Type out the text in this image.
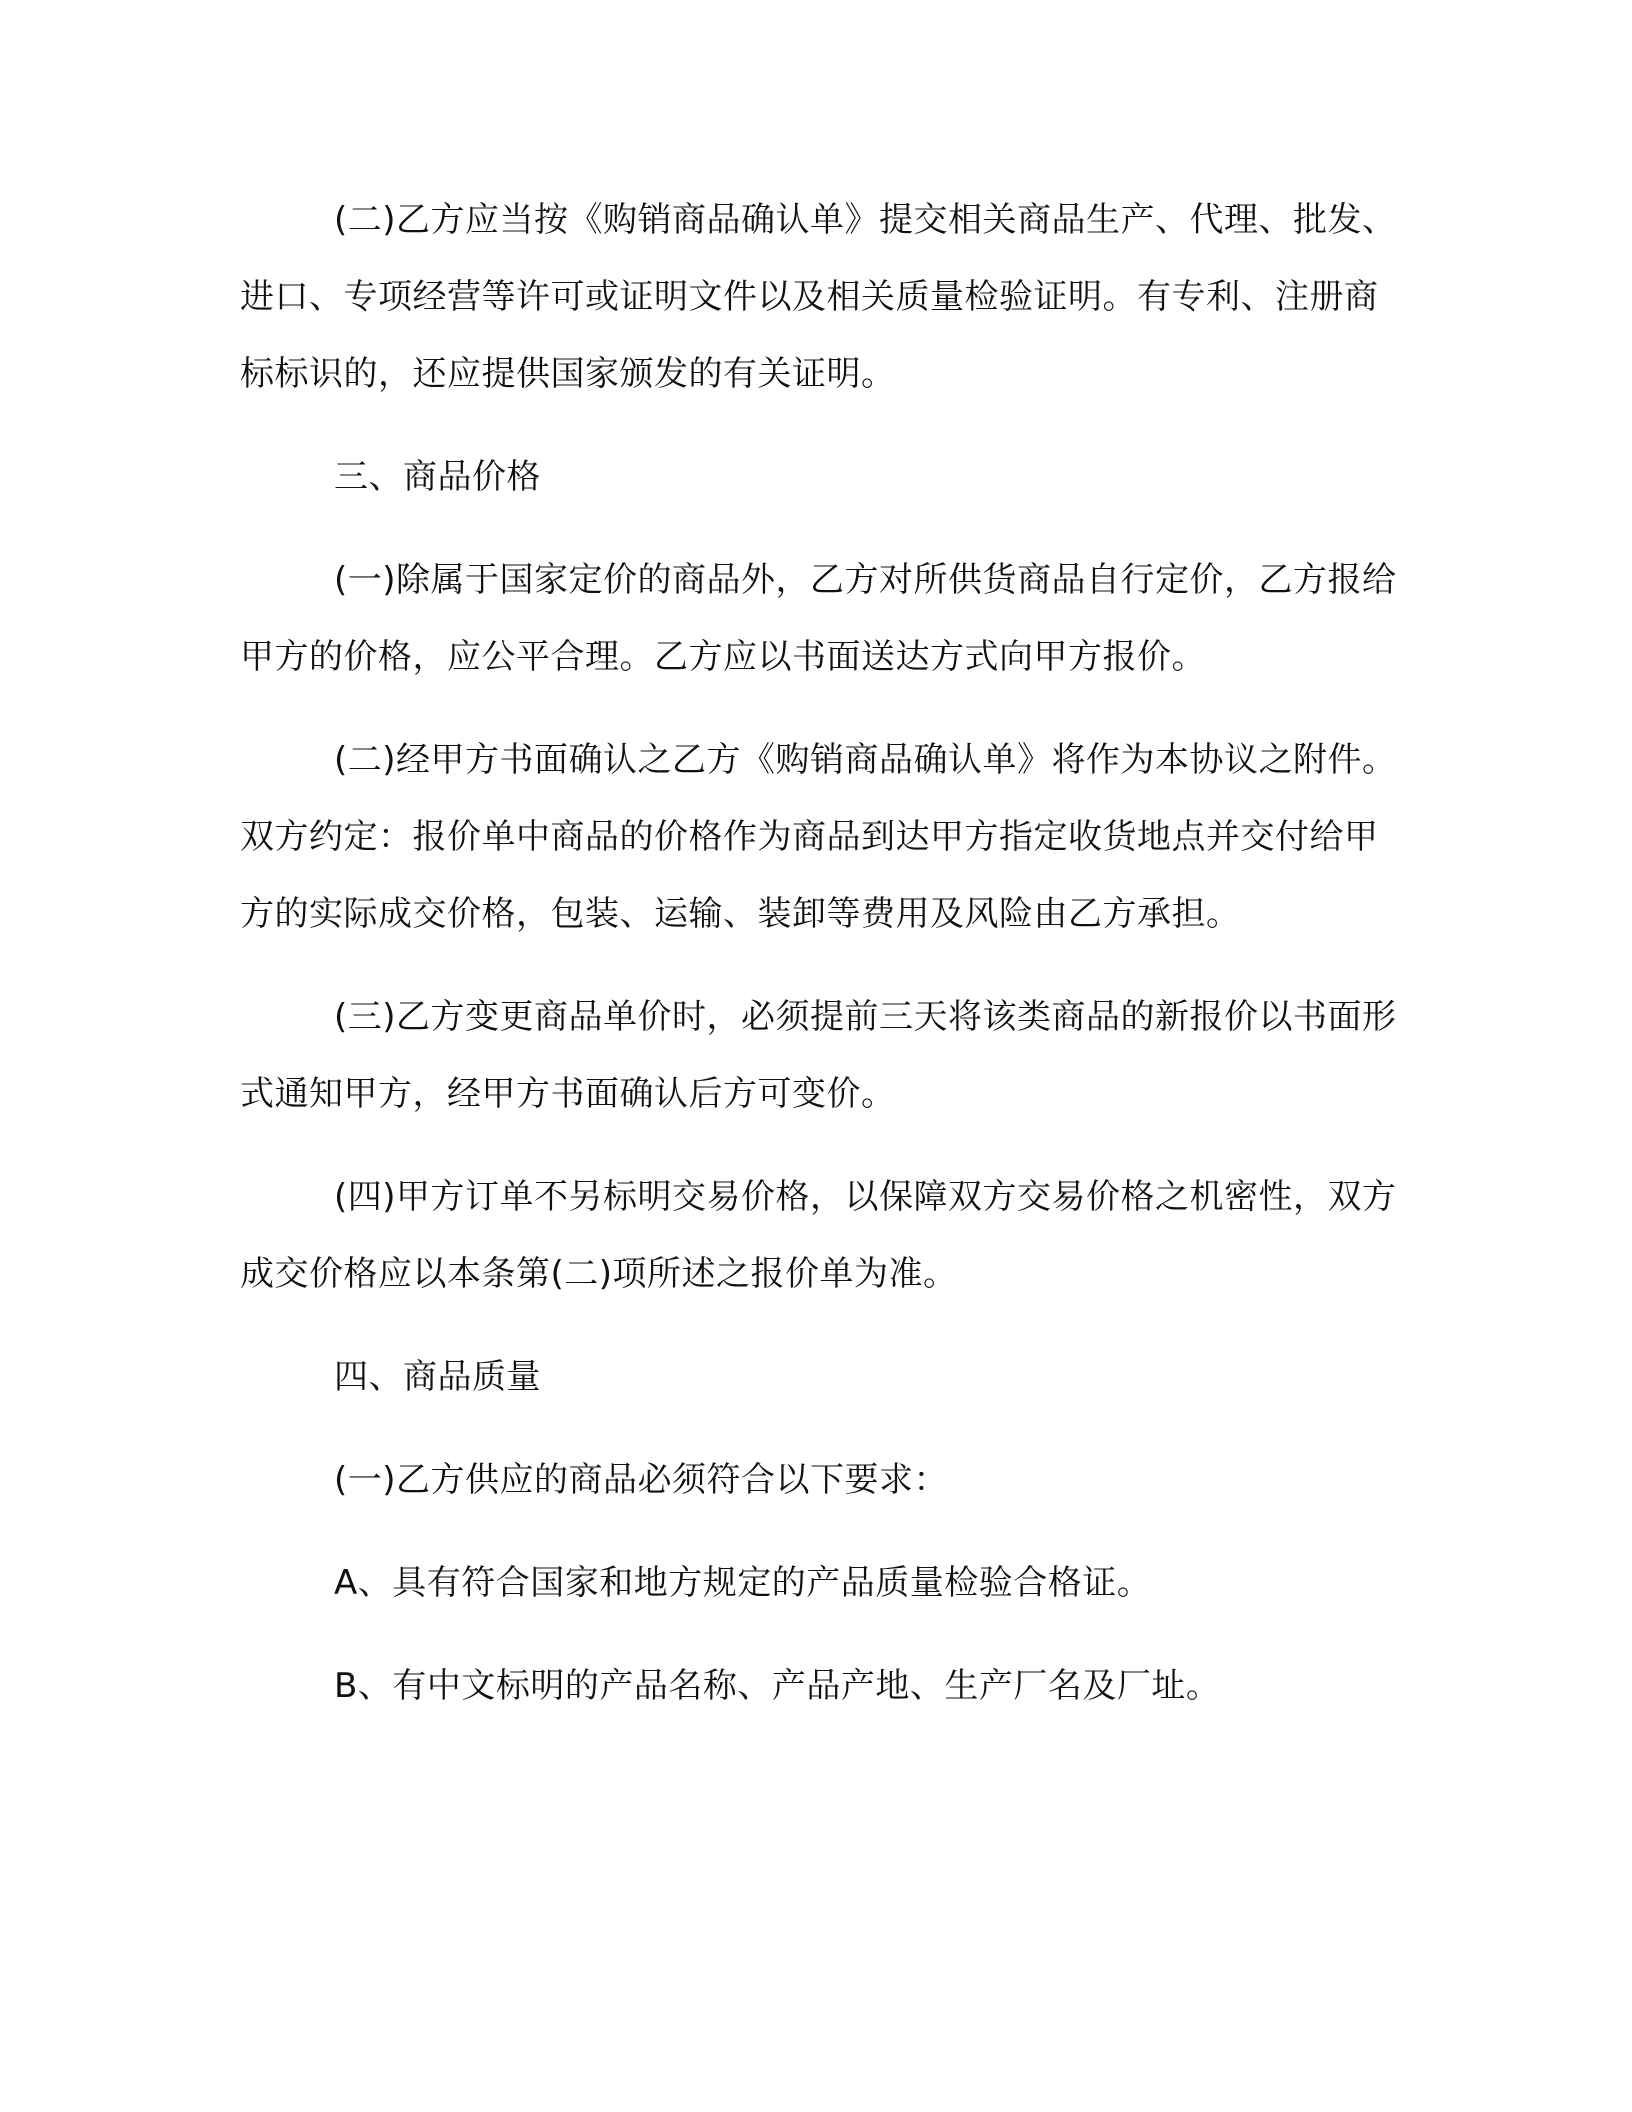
(二)乙方应当按《购销商品确认单》提交相关商品生产、代理、批发、进口、专项经营等许可或证明文件以及相关质量检验证明。有专利、注册商标标识的，还应提供国家颁发的有关证明。

三、商品价格

(一)除属于国家定价的商品外，乙方对所供货商品自行定价，乙方报给甲方的价格，应公平合理。乙方应以书面送达方式向甲方报价。

(二)经甲方书面确认之乙方《购销商品确认单》将作为本协议之附件。双方约定：报价单中商品的价格作为商品到达甲方指定收货地点并交付给甲方的实际成交价格，包装、运输、装卸等费用及风险由乙方承担。

(三)乙方变更商品单价时，必须提前三天将该类商品的新报价以书面形式通知甲方，经甲方书面确认后方可变价。

(四)甲方订单不另标明交易价格，以保障双方交易价格之机密性，双方成交价格应以本条第(二)项所述之报价单为准。

四、商品质量

(一)乙方供应的商品必须符合以下要求：

A、具有符合国家和地方规定的产品质量检验合格证。

B、有中文标明的产品名称、产品产地、生产厂名及厂址。
